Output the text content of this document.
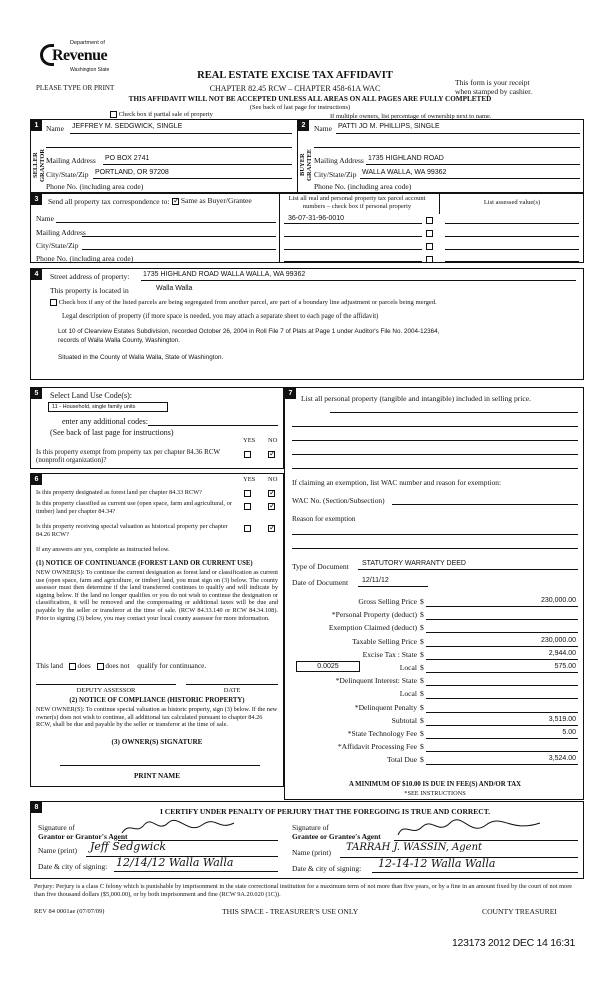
Department of
Revenue
Washington State
PLEASE TYPE OR PRINT
REAL ESTATE EXCISE TAX AFFIDAVIT
CHAPTER 82.45 RCW – CHAPTER 458-61A WAC
This form is your receipt
when stamped by cashier.
THIS AFFIDAVIT WILL NOT BE ACCEPTED UNLESS ALL AREAS ON ALL PAGES ARE FULLY COMPLETED
(See back of last page for instructions)
Check box if partial sale of property	If multiple owners, list percentage of ownership next to name.
1
SELLER GRANTOR
Name JEFFREY M. SEDGWICK, SINGLE
Mailing Address PO BOX 2741
City/State/Zip PORTLAND, OR 97208
Phone No. (including area code)
2
BUYER GRANTEE
Name PATTI JO M. PHILLIPS, SINGLE
Mailing Address 1735 HIGHLAND ROAD
City/State/Zip WALLA WALLA, WA 99362
Phone No. (including area code)
3	Send all property tax correspondence to:
✓	Same as Buyer/Grantee
Name
Mailing Address
City/State/Zip
Phone No. (including area code)
List all real and personal property tax parcel account numbers – check box if personal property
List assessed value(s)
36-07-31-96-0010
4	Street address of property: 1735 HIGHLAND ROAD WALLA WALLA, WA 99362
This property is located in	Walla Walla
Check box if any of the listed parcels are being segregated from another parcel, are part of a boundary line adjustment or parcels being merged.
Legal description of property (if more space is needed, you may attach a separate sheet to each page of the affidavit)
Lot 10 of Clearview Estates Subdivision, recorded October 26, 2004 in Roll File 7 of Plats at Page 1 under Auditor's File No. 2004-12364,
records of Walla Walla County, Washington.
Situated in the County of Walla Walla, State of Washington.
5	Select Land Use Code(s):
11 - Household, single family units
enter any additional codes:
(See back of last page for instructions)
YES NO
Is this property exempt from property tax per chapter 84.36 RCW (nonprofit organization)?
✓
6	YES NO
Is this property designated as forest land per chapter 84.33 RCW?
✓
Is this property classified as current use (open space, farm and agricultural, or timber) land per chapter 84.34?
✓
Is this property receiving special valuation as historical property per chapter 84.26 RCW?
✓
If any answers are yes, complete as instructed below.
(1) NOTICE OF CONTINUANCE (FOREST LAND OR CURRENT USE)
NEW OWNER(S): To continue the current designation as forest land or classification as current use (open space, farm and agriculture, or timber) land, you must sign on (3) below. The county assessor must then determine if the land transferred continues to qualify and will indicate by signing below. If the land no longer qualifies or you do not wish to continue the designation or classification, it will be removed and the compensating or additional taxes will be due and payable by the seller or transferor at the time of sale. (RCW 84.33.140 or RCW 84.34.108). Prior to signing (3) below, you may contact your local county assessor for more information.
This land does does not qualify for continuance.
DEPUTY ASSESSOR	DATE
(2) NOTICE OF COMPLIANCE (HISTORIC PROPERTY)
NEW OWNER(S): To continue special valuation as historic property, sign (3) below. If the new owner(s) does not wish to continue, all additional tax calculated pursuant to chapter 84.26 RCW, shall be due and payable by the seller or transferor at the time of sale.
(3) OWNER(S) SIGNATURE
PRINT NAME
7
List all personal property (tangible and intangible) included in selling price.
If claiming an exemption, list WAC number and reason for exemption:
WAC No. (Section/Subsection)
Reason for exemption
Type of Document STATUTORY WARRANTY DEED
Date of Document 12/11/12
Gross Selling Price $	230,000.00
*Personal Property (deduct) $
Exemption Claimed (deduct) $
Taxable Selling Price $	230,000.00
Excise Tax : State $	2,944.00
Local $	575.00
*Delinquent Interest: State $
Local $
*Delinquent Penalty $
Subtotal $	3,519.00
*State Technology Fee $	5.00
*Affidavit Processing Fee $
Total Due $	3,524.00
0.0025
A MINIMUM OF $10.00 IS DUE IN FEE(S) AND/OR TAX
*SEE INSTRUCTIONS
8	I CERTIFY UNDER PENALTY OF PERJURY THAT THE FOREGOING IS TRUE AND CORRECT.
Signature of
Grantor or Grantor's Agent
Name (print) Jeff Sedgwick
Date & city of signing: 12/14/12 Walla Walla
Signature of
Grantee or Grantee's Agent
Name (print) TARRAH J. WASSIN, Agent
Date & city of signing: 12-14-12 Walla Walla
Perjury: Perjury is a class C felony which is punishable by imprisonment in the state correctional institution for a maximum term of not more than five years, or by a fine in an amount fixed by the court of not more than five thousand dollars ($5,000.00), or by both imprisonment and fine (RCW 9A.20.020 (1C)).
REV 84 0001ae (07/07/09)	THIS SPACE - TREASURER'S USE ONLY	COUNTY TREASUREI
123173 2012 DEC 14 16:31
